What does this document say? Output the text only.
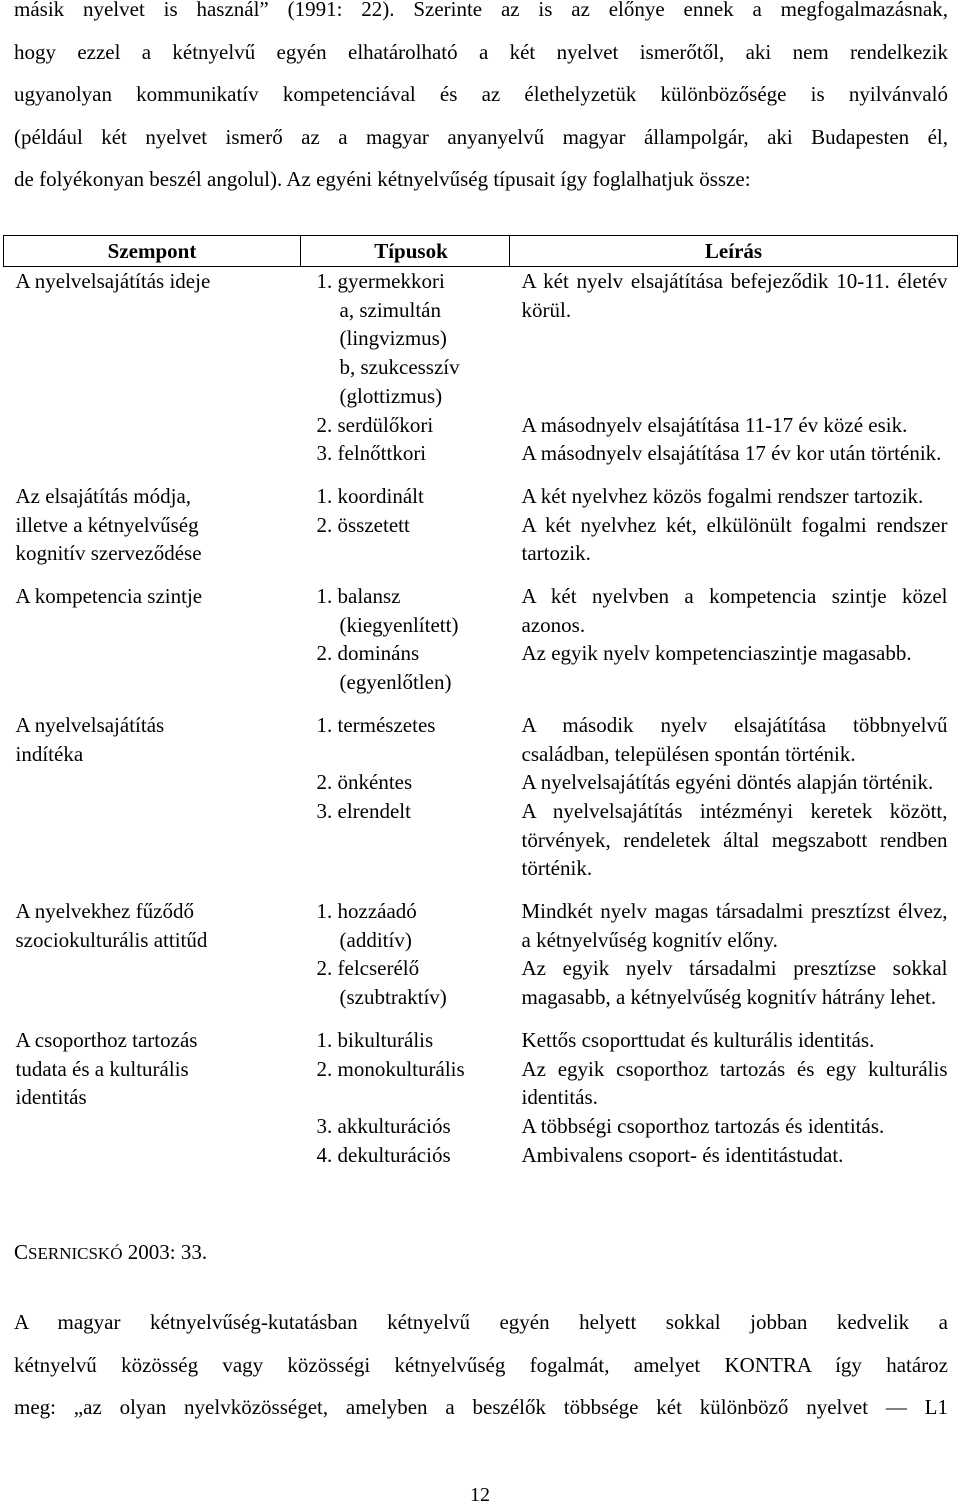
másik nyelvet is használ” (1991: 22). Szerinte az is az előnye ennek a megfogalmazásnak,
hogy ezzel a kétnyelvű egyén elhatárolható a két nyelvet ismerőtől, aki nem rendelkezik
ugyanolyan kommunikatív kompetenciával és az élethelyzetük különbözősége is nyilvánvaló
(például két nyelvet ismerő az a magyar anyanyelvű magyar állampolgár, aki Budapesten él,
de folyékonyan beszél angolul). Az egyéni kétnyelvűség típusait így foglalhatjuk össze:
Szempont	Típusok	Leírás

A nyelvelsajátítás ideje	1. gyermekkori
a, szimultán
(lingvizmus)
b, szukcesszív
(glottizmus)	A két nyelv elsajátítása befejeződik 10-11. életév körül.

	2. serdülőkori	A másodnyelv elsajátítása 11-17 év közé esik.

	3. felnőttkori	A másodnyelv elsajátítása 17 év kor után történik.

Az elsajátítás módja,
illetve a kétnyelvűség
kognitív szerveződése	1. koordinált	A két nyelvhez közös fogalmi rendszer tartozik.

	2. összetett	A két nyelvhez két, elkülönült fogalmi rendszer tartozik.

A kompetencia szintje	1. balansz
(kiegyenlített)	A két nyelvben a kompetencia szintje közel azonos.

	2. domináns
(egyenlőtlen)	Az egyik nyelv kompetenciaszintje magasabb.

A nyelvelsajátítás
indítéka	1. természetes	A második nyelv elsajátítása többnyelvű családban, településen spontán történik.

	2. önkéntes	A nyelvelsajátítás egyéni döntés alapján történik.

	3. elrendelt	A nyelvelsajátítás intézményi keretek között, törvények, rendeletek által megszabott rendben történik.

A nyelvekhez fűződő
szociokulturális attitűd	1. hozzáadó
(additív)	Mindkét nyelv magas társadalmi presztízst élvez, a kétnyelvűség kognitív előny.

	2. felcserélő
(szubtraktív)	Az egyik nyelv társadalmi presztízse sokkal magasabb, a kétnyelvűség kognitív hátrány lehet.

A csoporthoz tartozás
tudata és a kulturális
identitás	1. bikulturális	Kettős csoporttudat és kulturális identitás.

	2. monokulturális	Az egyik csoporthoz tartozás és egy kulturális identitás.

	3. akkulturációs	A többségi csoporthoz tartozás és identitás.

	4. dekulturációs	Ambivalens csoport- és identitástudat.
CSERNICSKÓ 2003: 33.
A magyar kétnyelvűség-kutatásban kétnyelvű egyén helyett sokkal jobban kedvelik a
kétnyelvű közösség vagy közösségi kétnyelvűség fogalmát, amelyet KONTRA így határoz
meg: „az olyan nyelvközösséget, amelyben a beszélők többsége két különböző nyelvet — L1
12
